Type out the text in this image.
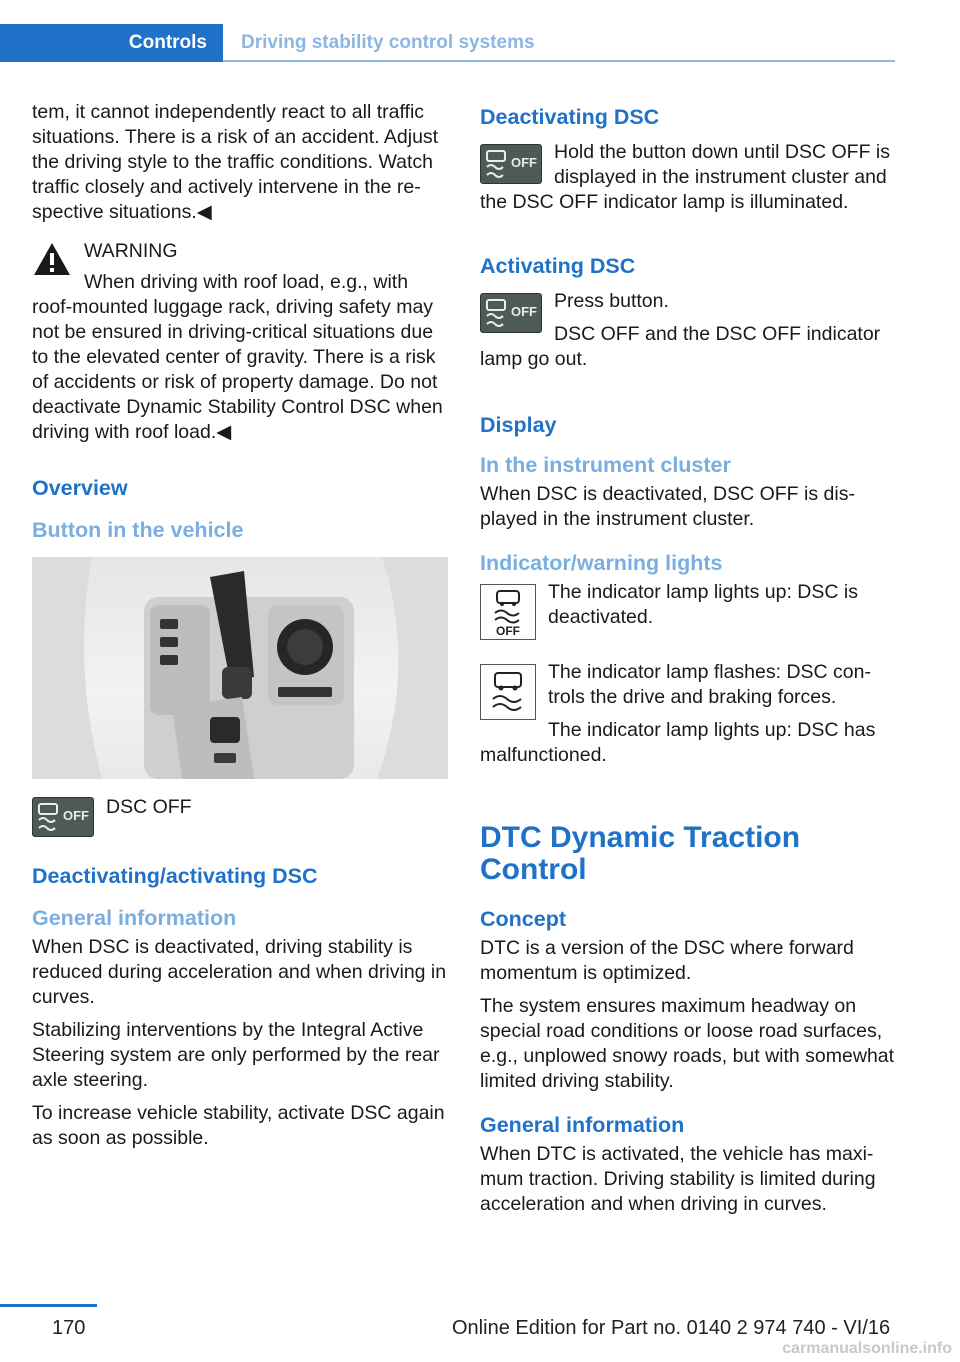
Controls	Driving stability control systems

tem, it cannot independently react to all traffic situations. There is a risk of an accident. Adjust the driving style to the traffic conditions. Watch traffic closely and actively intervene in the respective situations.◀

WARNING

When driving with roof load, e.g., with roof-mounted luggage rack, driving safety may not be ensured in driving-critical situations due to the elevated center of gravity. There is a risk of accidents or risk of property damage. Do not deactivate Dynamic Stability Control DSC when driving with roof load.◀

Overview
Button in the vehicle
OFF DSC OFF

Deactivating/activating DSC
General information

When DSC is deactivated, driving stability is reduced during acceleration and when driving in curves.

Stabilizing interventions by the Integral Active Steering system are only performed by the rear axle steering.

To increase vehicle stability, activate DSC again as soon as possible.

Deactivating DSC
OFF Hold the button down until DSC OFF is displayed in the instrument cluster and the DSC OFF indicator lamp is illuminated.

Activating DSC
OFF Press button.

DSC OFF and the DSC OFF indicator lamp go out.

Display
In the instrument cluster

When DSC is deactivated, DSC OFF is displayed in the instrument cluster.

Indicator/warning lights
OFF

The indicator lamp lights up: DSC is deactivated.

The indicator lamp flashes: DSC controls the drive and braking forces.

The indicator lamp lights up: DSC has malfunctioned.

DTC Dynamic Traction Control
Concept

DTC is a version of the DSC where forward momentum is optimized.

The system ensures maximum headway on special road conditions or loose road surfaces, e.g., unplowed snowy roads, but with somewhat limited driving stability.

General information

When DTC is activated, the vehicle has maximum traction. Driving stability is limited during acceleration and when driving in curves.

170	Online Edition for Part no. 0140 2 974 740 - VI/16
carmanualsonline.info
